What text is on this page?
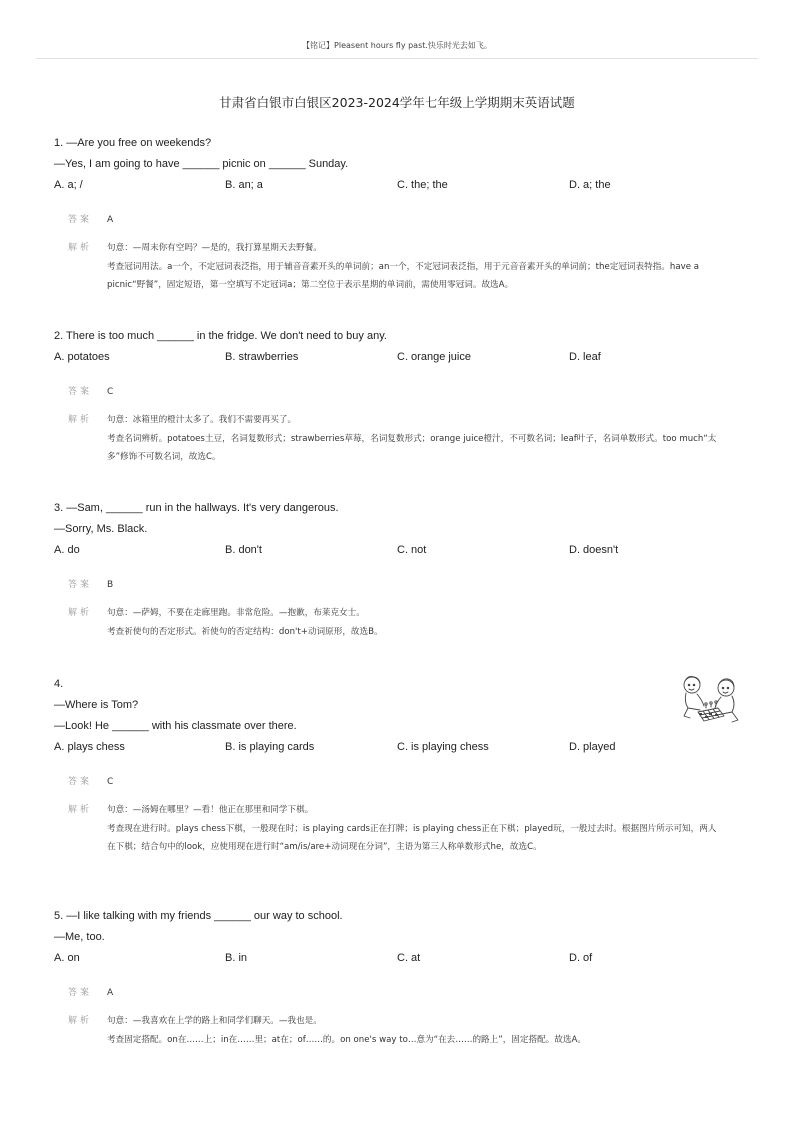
【铭记】Pleasent hours fly past.快乐时光去如飞。
甘肃省白银市白银区2023-2024学年七年级上学期期末英语试题
1. —Are you free on weekends?
—Yes, I am going to have ______ picnic on ______ Sunday.
A. a; /	B. an; a	C. the; the	D. a; the
答案 A
解析 句意：—周末你有空吗？—是的，我打算星期天去野餐。
考查冠词用法。a一个，不定冠词表泛指，用于辅音音素开头的单词前；an一个，不定冠词表泛指，用于元音音素开头的单词前；the定冠词表特指。have a picnic“野餐”，固定短语，第一空填写不定冠词a；第二空位于表示星期的单词前，需使用零冠词。故选A。
2. There is too much ______ in the fridge. We don't need to buy any.
A. potatoes	B. strawberries	C. orange juice	D. leaf
答案 C
解析 句意：冰箱里的橙汁太多了。我们不需要再买了。
考查名词辨析。potatoes土豆，名词复数形式；strawberries草莓，名词复数形式；orange juice橙汁，不可数名词；leaf叶子，名词单数形式。too much“太多”修饰不可数名词，故选C。
3. —Sam, ______ run in the hallways. It's very dangerous.
—Sorry, Ms. Black.
A. do	B. don't	C. not	D. doesn't
答案 B
解析 句意：—萨姆，不要在走廊里跑。非常危险。—抱歉，布莱克女士。
考查祈使句的否定形式。祈使句的否定结构：don't+动词原形，故选B。
4.
—Where is Tom?
—Look! He ______ with his classmate over there.
A. plays chess	B. is playing cards	C. is playing chess	D. played
答案 C
解析 句意：—汤姆在哪里？—看！他正在那里和同学下棋。
考查现在进行时。plays chess下棋，一般现在时；is playing cards正在打牌；is playing chess正在下棋；played玩，一般过去时。根据图片所示可知，两人在下棋；结合句中的look，应使用现在进行时“am/is/are+动词现在分词”，主语为第三人称单数形式he，故选C。
5. —I like talking with my friends ______ our way to school.
—Me, too.
A. on	B. in	C. at	D. of
答案 A
解析 句意：—我喜欢在上学的路上和同学们聊天。—我也是。
考查固定搭配。on在……上；in在……里；at在；of……的。on one's way to…意为“在去……的路上”，固定搭配。故选A。
